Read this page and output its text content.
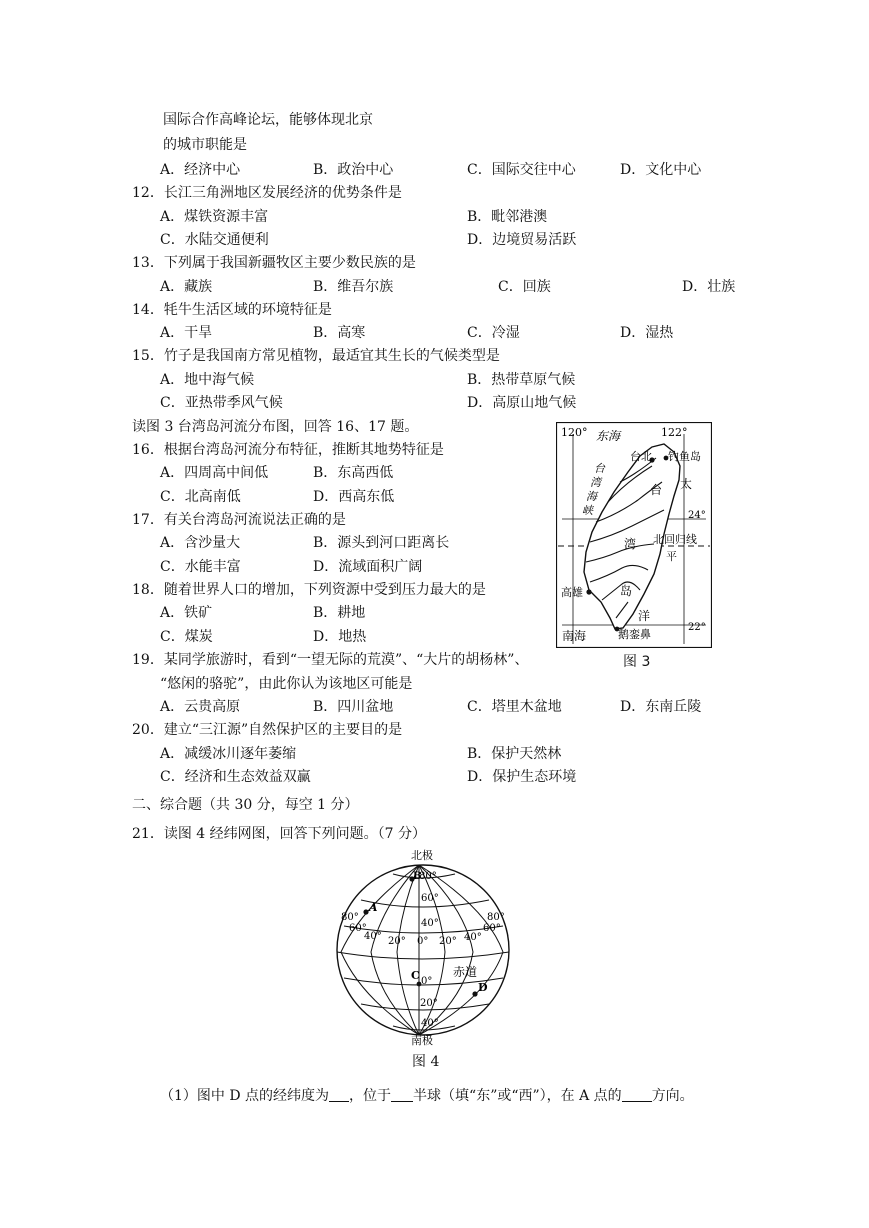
国际合作高峰论坛，能够体现北京
的城市职能是
A．经济中心	B．政治中心	C．国际交往中心	D．文化中心
12．长江三角洲地区发展经济的优势条件是
A．煤铁资源丰富	B．毗邻港澳
C．水陆交通便利	D．边境贸易活跃
13．下列属于我国新疆牧区主要少数民族的是
A．藏族	B．维吾尔族	C．回族	D．壮族
14．牦牛生活区域的环境特征是
A．干旱	B．高寒	C．冷湿	D．湿热
15．竹子是我国南方常见植物，最适宜其生长的气候类型是
A．地中海气候	B．热带草原气候
C．亚热带季风气候	D．高原山地气候
读图 3 台湾岛河流分布图，回答 16、17 题。
16．根据台湾岛河流分布特征，推断其地势特征是
A．四周高中间低	B．东高西低
C．北高南低	D．西高东低
17．有关台湾岛河流说法正确的是
A．含沙量大	B．源头到河口距离长
C．水能丰富	D．流域面积广阔
18．随着世界人口的增加，下列资源中受到压力最大的是
A．铁矿	B．耕地
C．煤炭	D．地热
120°	122°
东海
台北 钓鱼岛
台
湾
海
峡
台 太
24°
湾 北回归线
平
岛
高雄
洋
22°
南海	鹅銮鼻
图 3
19．某同学旅游时，看到“一望无际的荒漠”、“大片的胡杨林”、
“悠闲的骆驼”，由此你认为该地区可能是
A．云贵高原	B．四川盆地	C．塔里木盆地	D．东南丘陵
20．建立“三江源”自然保护区的主要目的是
A．减缓冰川逐年萎缩	B．保护天然林
C．经济和生态效益双赢	D．保护生态环境
二、综合题（共 30 分，每空 1 分）
21．读图 4 经纬网图，回答下列问题。（7 分）
北极
南极
B
80°
60°
40°
A
80°
60°
40° 20° 0° 20° 40°
60°
80°
C 0°
赤道
D
20°
40°
图 4
（1）图中 D 点的经纬度为 ，位于 半球（填“东”或“西”），在 A 点的 方向。
